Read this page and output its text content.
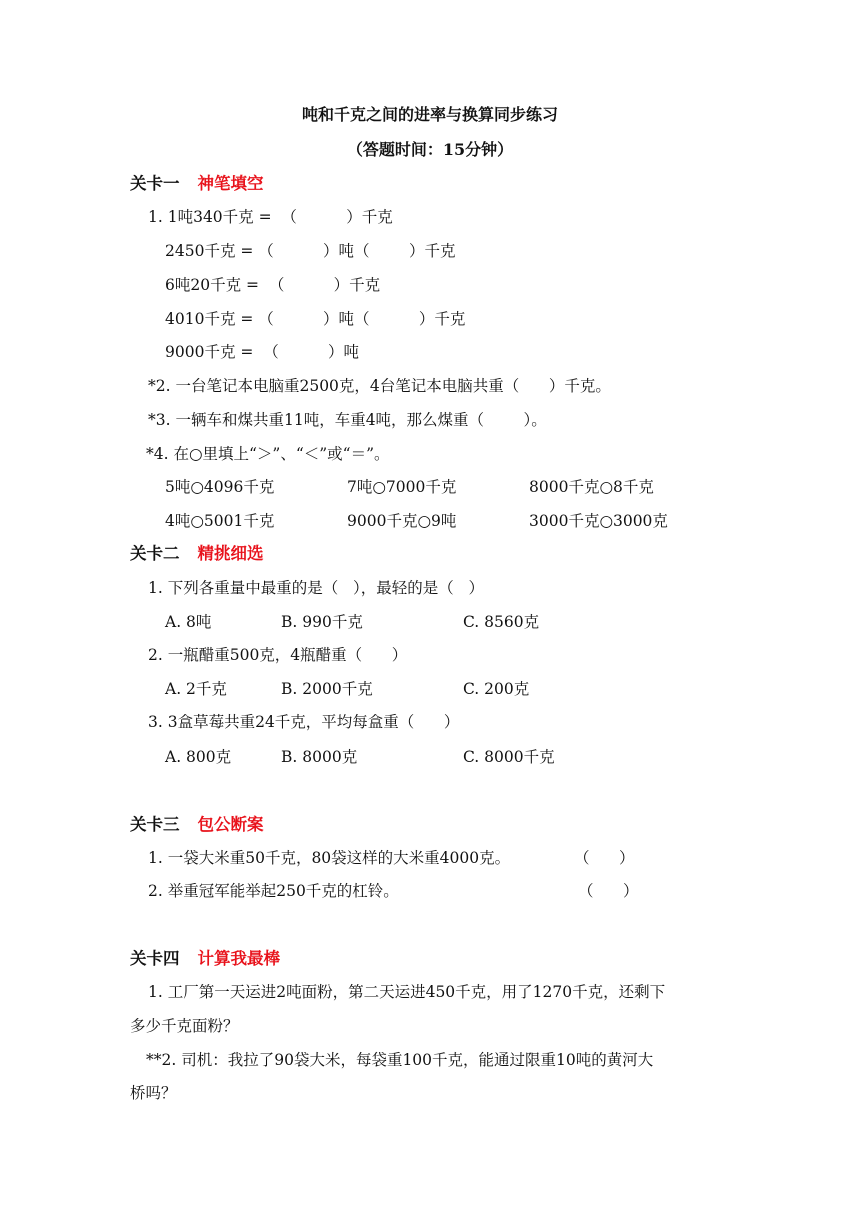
吨和千克之间的进率与换算同步练习
（答题时间：15分钟）
关卡一 神笔填空
1. 1吨340千克 =  （          ）千克
2450千克 = （          ）吨（        ）千克
6吨20千克 =  （          ）千克
4010千克 = （          ）吨（          ）千克
9000千克 =  （          ）吨
*2. 一台笔记本电脑重2500克，4台笔记本电脑共重（      ）千克。
*3. 一辆车和煤共重11吨，车重4吨，那么煤重（        ）。
*4. 在○里填上“＞”、“＜”或“＝”。
5吨○4096千克	7吨○7000千克	8000千克○8千克
4吨○5001千克	9000千克○9吨	3000千克○3000克
关卡二 精挑细选
1. 下列各重量中最重的是（   ），最轻的是（   ）
A. 8吨	B. 990千克	C. 8560克
2. 一瓶醋重500克，4瓶醋重（      ）
A. 2千克	B. 2000千克	C. 200克
3. 3盒草莓共重24千克，平均每盒重（      ）
A. 800克	B. 8000克	C. 8000千克
关卡三 包公断案
1. 一袋大米重50千克，80袋这样的大米重4000克。	（      ）
2. 举重冠军能举起250千克的杠铃。	（      ）
关卡四 计算我最棒
1. 工厂第一天运进2吨面粉，第二天运进450千克，用了1270千克，还剩下
多少千克面粉？
**2. 司机：我拉了90袋大米，每袋重100千克，能通过限重10吨的黄河大
桥吗？
